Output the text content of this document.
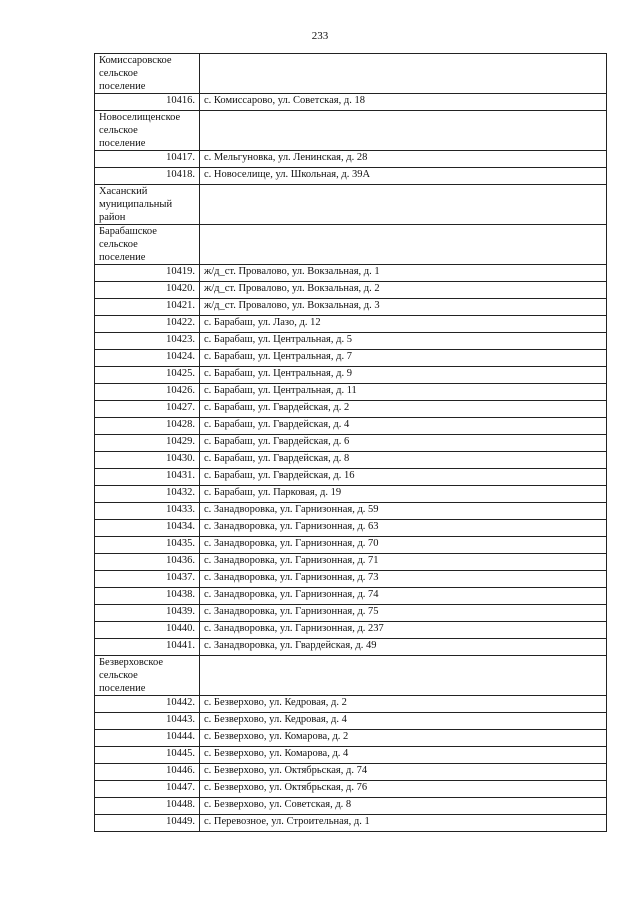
233
Комиссаровское
сельское
поселение	

10416.	с. Комиссарово, ул. Советская, д. 18

Новоселищенское
сельское
поселение	

10417.	с. Мельгуновка, ул. Ленинская, д. 28
10418.	с. Новоселище, ул. Школьная, д. 39А

Хасанский
муниципальный
район	

Барабашское
сельское
поселение	

10419.	ж/д_ст. Провалово, ул. Вокзальная, д. 1
10420.	ж/д_ст. Провалово, ул. Вокзальная, д. 2
10421.	ж/д_ст. Провалово, ул. Вокзальная, д. 3
10422.	с. Барабаш, ул. Лазо, д. 12
10423.	с. Барабаш, ул. Центральная, д. 5
10424.	с. Барабаш, ул. Центральная, д. 7
10425.	с. Барабаш, ул. Центральная, д. 9
10426.	с. Барабаш, ул. Центральная, д. 11
10427.	с. Барабаш, ул. Гвардейская, д. 2
10428.	с. Барабаш, ул. Гвардейская, д. 4
10429.	с. Барабаш, ул. Гвардейская, д. 6
10430.	с. Барабаш, ул. Гвардейская, д. 8
10431.	с. Барабаш, ул. Гвардейская, д. 16
10432.	с. Барабаш, ул. Парковая, д. 19
10433.	с. Занадворовка, ул. Гарнизонная, д. 59
10434.	с. Занадворовка, ул. Гарнизонная, д. 63
10435.	с. Занадворовка, ул. Гарнизонная, д. 70
10436.	с. Занадворовка, ул. Гарнизонная, д. 71
10437.	с. Занадворовка, ул. Гарнизонная, д. 73
10438.	с. Занадворовка, ул. Гарнизонная, д. 74
10439.	с. Занадворовка, ул. Гарнизонная, д. 75
10440.	с. Занадворовка, ул. Гарнизонная, д. 237
10441.	с. Занадворовка, ул. Гвардейская, д. 49

Безверховское
сельское
поселение	

10442.	с. Безверхово, ул. Кедровая, д. 2
10443.	с. Безверхово, ул. Кедровая, д. 4
10444.	с. Безверхово, ул. Комарова, д. 2
10445.	с. Безверхово, ул. Комарова, д. 4
10446.	с. Безверхово, ул. Октябрьская, д. 74
10447.	с. Безверхово, ул. Октябрьская, д. 76
10448.	с. Безверхово, ул. Советская, д. 8
10449.	с. Перевозное, ул. Строительная, д. 1
